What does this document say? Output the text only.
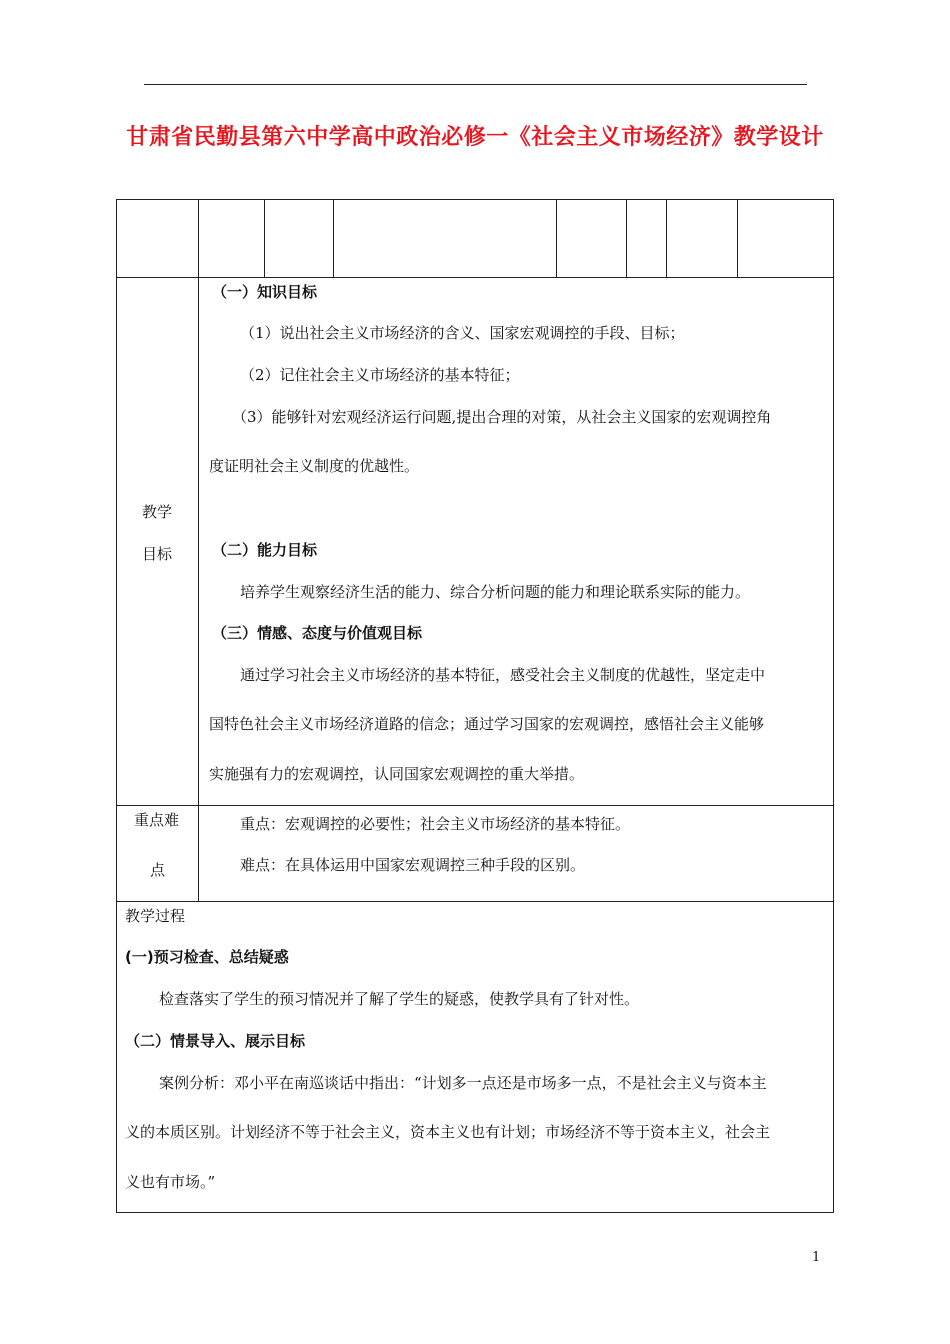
甘肃省民勤县第六中学高中政治必修一《社会主义市场经济》教学设计
教学
目标
（一）知识目标
（1）说出社会主义市场经济的含义、国家宏观调控的手段、目标；
（2）记住社会主义市场经济的基本特征；
（3）能够针对宏观经济运行问题,提出合理的对策，从社会主义国家的宏观调控角
度证明社会主义制度的优越性。
（二）能力目标
培养学生观察经济生活的能力、综合分析问题的能力和理论联系实际的能力。
（三）情感、态度与价值观目标
通过学习社会主义市场经济的基本特征，感受社会主义制度的优越性，坚定走中
国特色社会主义市场经济道路的信念；通过学习国家的宏观调控，感悟社会主义能够
实施强有力的宏观调控，认同国家宏观调控的重大举措。
重点难
点
重点：宏观调控的必要性；社会主义市场经济的基本特征。
难点：在具体运用中国家宏观调控三种手段的区别。
教学过程
(一)预习检查、总结疑惑
检查落实了学生的预习情况并了解了学生的疑惑，使教学具有了针对性。
（二）情景导入、展示目标
案例分析：邓小平在南巡谈话中指出：“计划多一点还是市场多一点，不是社会主义与资本主
义的本质区别。计划经济不等于社会主义，资本主义也有计划；市场经济不等于资本主义，社会主
义也有市场。”
1
